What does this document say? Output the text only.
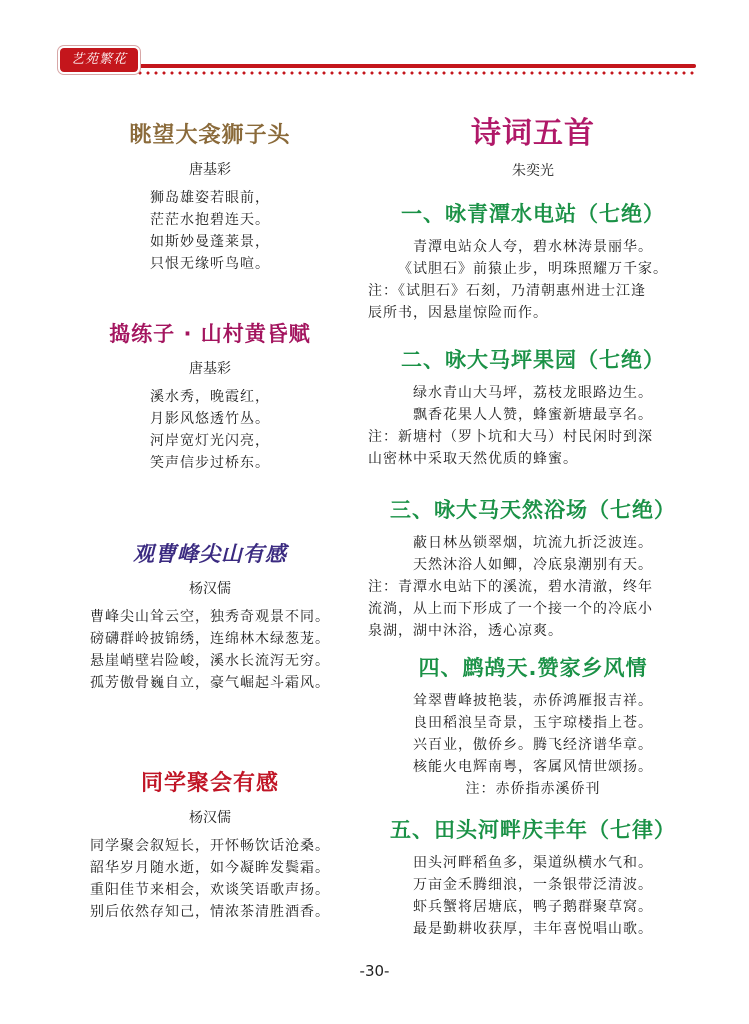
艺苑繁花
眺望大衾狮子头
唐基彩
狮岛雄姿若眼前，
茫茫水抱碧连天。
如斯妙曼蓬莱景，
只恨无缘听鸟喧。
捣练子 · 山村黄昏赋
唐基彩
溪水秀，晚霞红，
月影风悠透竹丛。
河岸宽灯光闪亮，
笑声信步过桥东。
观曹峰尖山有感
杨汉儒
曹峰尖山耸云空，独秀奇观景不同。
磅礴群岭披锦绣，连绵林木绿葱茏。
悬崖峭壁岩险峻，溪水长流泻无穷。
孤芳傲骨巍自立，豪气崛起斗霜风。
同学聚会有感
杨汉儒
同学聚会叙短长，开怀畅饮话沧桑。
韶华岁月随水逝，如今凝眸发鬓霜。
重阳佳节来相会，欢谈笑语歌声扬。
别后依然存知己，情浓茶清胜酒香。
诗词五首
朱奕光
一、咏青潭水电站（七绝）
青潭电站众人夸，碧水林涛景丽华。
《试胆石》前猿止步，明珠照耀万千家。
注：《试胆石》石刻，乃清朝惠州进士江逢
辰所书，因悬崖惊险而作。
二、咏大马坪果园（七绝）
绿水青山大马坪，荔枝龙眼路边生。
飘香花果人人赞，蜂蜜新塘最享名。
注：新塘村（罗卜坑和大马）村民闲时到深
山密林中采取天然优质的蜂蜜。
三、咏大马天然浴场（七绝）
蔽日林丛锁翠烟，坑流九折泛波连。
天然沐浴人如鲫，冷底泉潮别有天。
注：青潭水电站下的溪流，碧水清澈，终年
流淌，从上而下形成了一个接一个的冷底小
泉湖，湖中沐浴，透心凉爽。
四、鹧鸪天.赞家乡风情
耸翠曹峰披艳装，赤侨鸿雁报吉祥。
良田稻浪呈奇景，玉宇琼楼指上苍。
兴百业，傲侨乡。腾飞经济谱华章。
核能火电辉南粤，客属风情世颂扬。
注：赤侨指赤溪侨刊
五、田头河畔庆丰年（七律）
田头河畔稻鱼多，渠道纵横水气和。
万亩金禾腾细浪，一条银带泛清波。
虾兵蟹将居塘底，鸭子鹅群聚草窝。
最是勤耕收获厚，丰年喜悦唱山歌。
-30-
